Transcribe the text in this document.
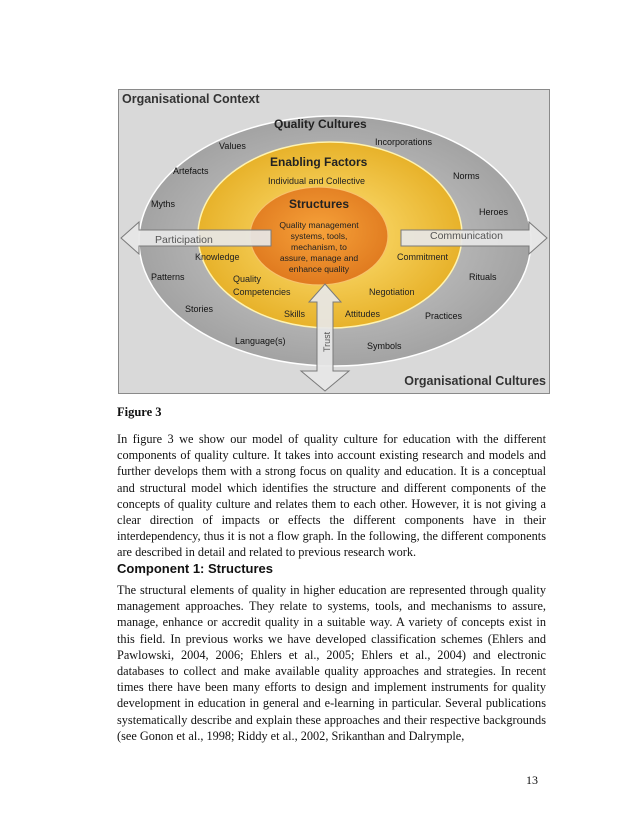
Participation	Communication
Trust
Quality Cultures
Incorporations
Values
Artefacts	Norms
Myths
Heroes
Patterns	Rituals
Stories
Practices
Language(s)	Symbols
Enabling Factors
Individual and Collective
Knowledge	Commitment
Quality
Competencies	Negotiation
Skills	Attitudes
Structures
Quality management
systems, tools,
mechanism, to
assure, manage and
enhance quality
Organisational Context
Organisational Cultures
Figure 3

In figure 3 we show our model of quality culture for education with the different components of quality culture. It takes into account existing research and models and further develops them with a strong focus on quality and education. It is a conceptual and structural model which identifies the structure and different components of the concepts of quality culture and relates them to each other. However, it is not giving a clear direction of impacts or effects the different components have in their interdependency, thus it is not a flow graph. In the following, the different components are described in detail and related to previous research work.

Component 1: Structures

The structural elements of quality in higher education are represented through quality management approaches. They relate to systems, tools, and mechanisms to assure, manage, enhance or accredit quality in a suitable way. A variety of concepts exist in this field. In previous works we have developed classification schemes (Ehlers and Pawlowski, 2004, 2006; Ehlers et al., 2005; Ehlers et al., 2004) and electronic databases to collect and make available quality approaches and strategies. In recent times there have been many efforts to design and implement instruments for quality development in education in general and e-learning in particular. Several publications systematically describe and explain these approaches and their respective backgrounds (see Gonon et al., 1998; Riddy et al., 2002, Srikanthan and Dalrymple,

13
